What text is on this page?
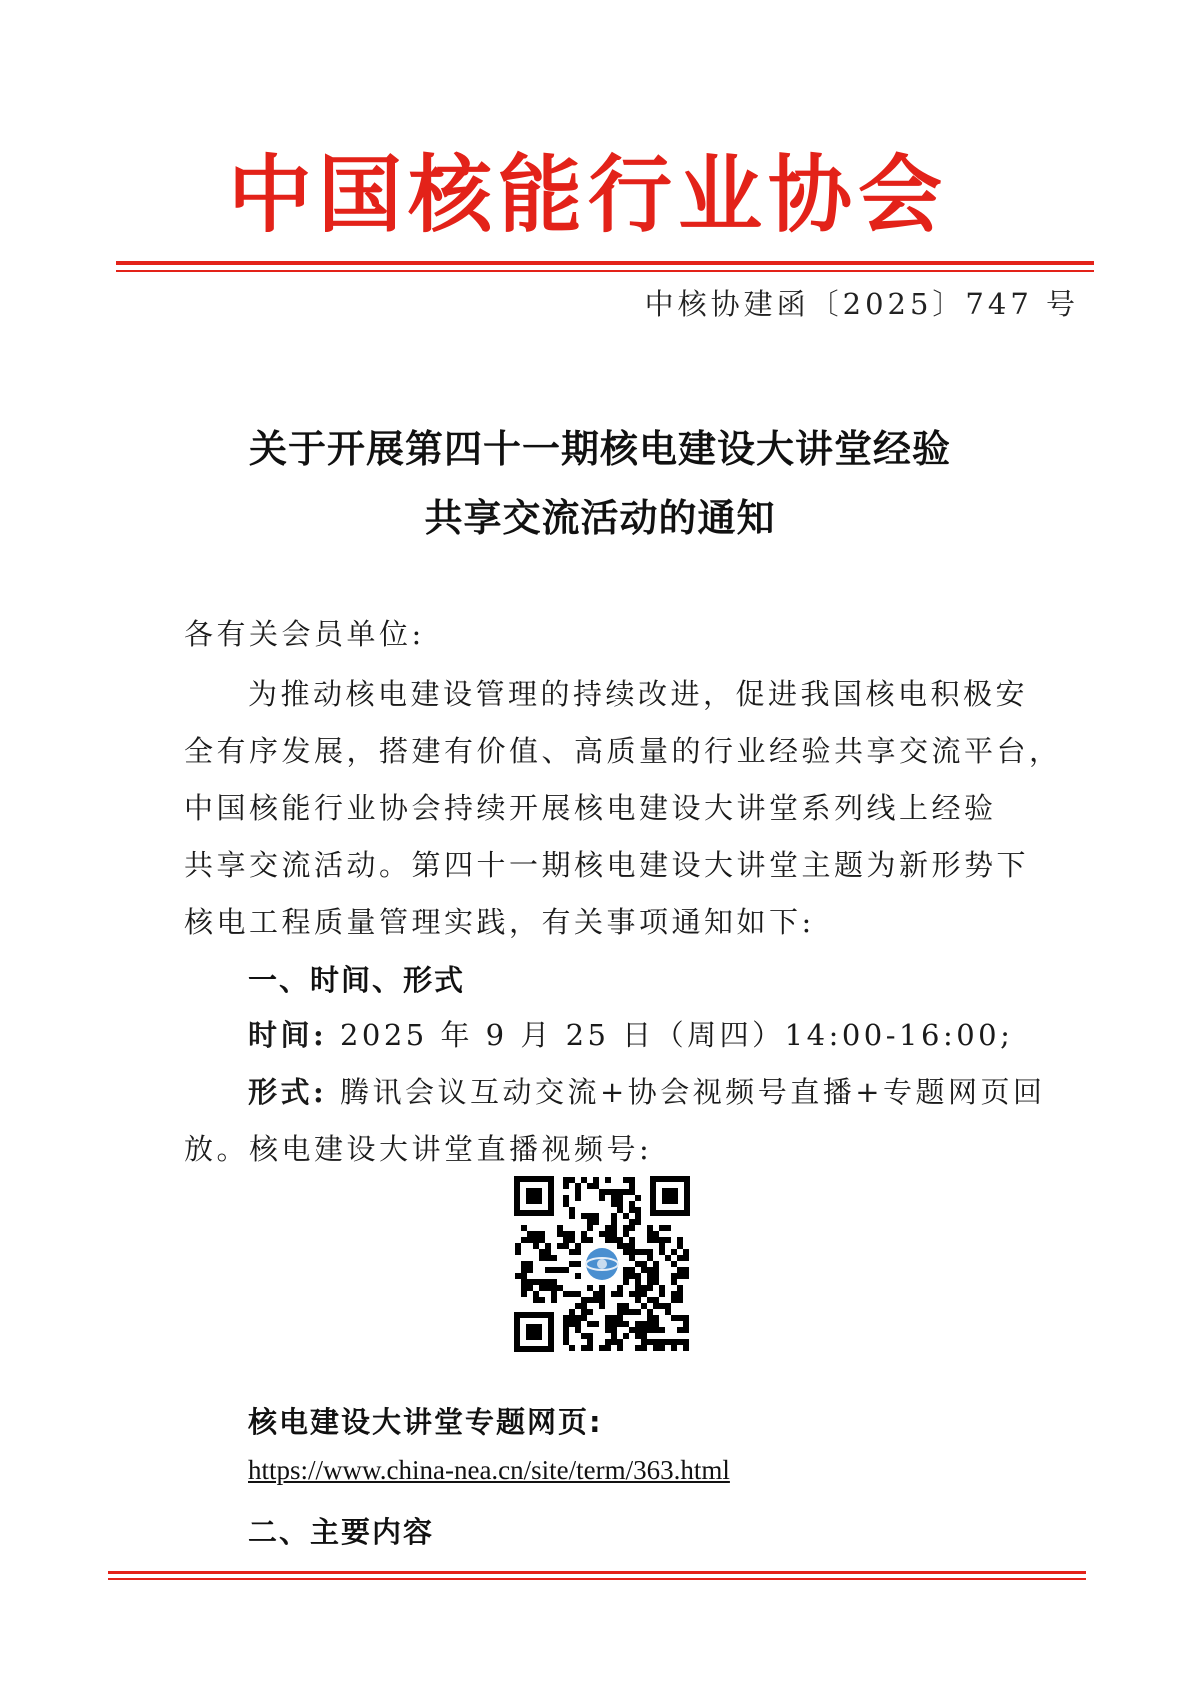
中国核能行业协会
中核协建函〔2025〕747 号
关于开展第四十一期核电建设大讲堂经验
共享交流活动的通知
各有关会员单位:
为推动核电建设管理的持续改进，促进我国核电积极安
全有序发展，搭建有价值、高质量的行业经验共享交流平台，
中国核能行业协会持续开展核电建设大讲堂系列线上经验
共享交流活动。第四十一期核电建设大讲堂主题为新形势下
核电工程质量管理实践，有关事项通知如下:
一、时间、形式
时间: 2025 年 9 月 25 日（周四）14:00-16:00;
形式: 腾讯会议互动交流+协会视频号直播+专题网页回
放。核电建设大讲堂直播视频号:
核电建设大讲堂专题网页:
https://www.china-nea.cn/site/term/363.html
二、主要内容
